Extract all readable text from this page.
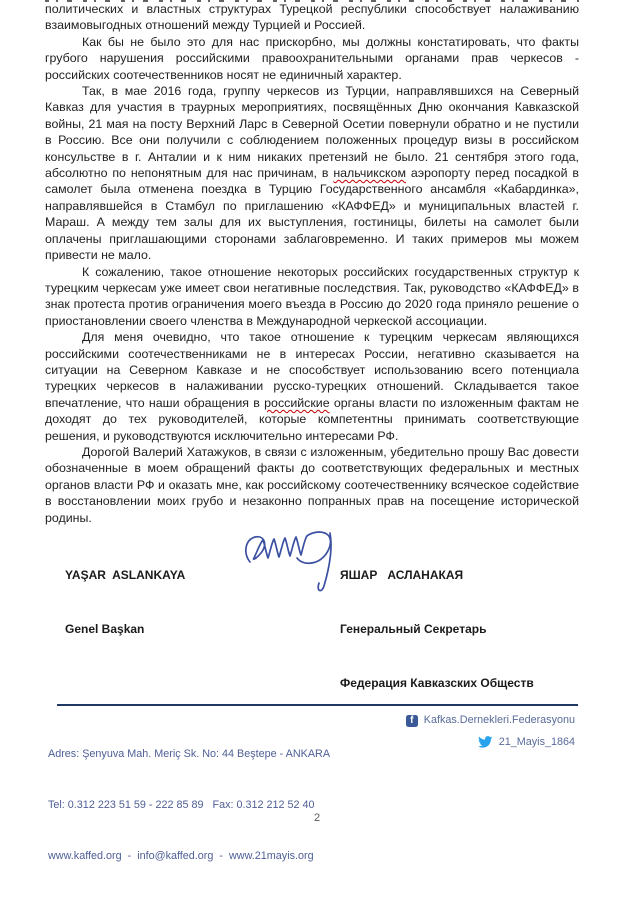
политических и властных структурах Турецкой республики способствует налаживанию взаимовыгодных отношений между Турцией и Россией.

Как бы не было это для нас прискорбно, мы должны констатировать, что факты грубого нарушения российскими правоохранительными органами прав черкесов - российских соотечественников носят не единичный характер.

Так, в мае 2016 года, группу черкесов из Турции, направлявшихся на Северный Кавказ для участия в траурных мероприятиях, посвящённых Дню окончания Кавказской войны, 21 мая на посту Верхний Ларс в Северной Осетии повернули обратно и не пустили в Россию. Все они получили с соблюдением положенных процедур визы в российском консульстве в г. Анталии и к ним никаких претензий не было. 21 сентября этого года, абсолютно по непонятным для нас причинам, в нальчикском аэропорту перед посадкой в самолет была отменена поездка в Турцию Государственного ансамбля «Кабардинка», направлявшейся в Стамбул по приглашению «КАФФЕД» и муниципальных властей г. Мараш. А между тем залы для их выступления, гостиницы, билеты на самолет были оплачены приглашающими сторонами заблаговременно. И таких примеров мы можем привести не мало.

К сожалению, такое отношение некоторых российских государственных структур к турецким черкесам уже имеет свои негативные последствия. Так, руководство «КАФФЕД» в знак протеста против ограничения моего въезда в Россию до 2020 года приняло решение о приостановлении своего членства в Международной черкеской ассоциации.

Для меня очевидно, что такое отношение к турецким черкесам являющихся российскими соотечественниками не в интересах России, негативно сказывается на ситуации на Северном Кавказе и не способствует использованию всего потенциала турецких черкесов в налаживании русско-турецких отношений. Складывается такое впечатление, что наши обращения в российские органы власти по изложенным фактам не доходят до тех руководителей, которые компетентны принимать соответствующие решения, и руководствуются исключительно интересами РФ.

Дорогой Валерий Хатажуков, в связи с изложенным, убедительно прошу Вас довести обозначенные в моем обращений факты до соответствующих федеральных и местных органов власти РФ и оказать мне, как российскому соотечественнику всяческое содействие в восстановлении моих грубо и незаконно попранных прав на посещение исторической родины.

YAŞAR  ASLANKAYA

Genel Başkan

ЯШАР   АСЛАНАКАЯ

Генеральный Секретарь

Федерация Кавказских Обществ

Adres: Şenyuva Mah. Meriç Sk. No: 44 Beştepe - ANKARA

Tel: 0.312 223 51 59 - 222 85 89   Fax: 0.312 212 52 40

www.kaffed.org  -  info@kaffed.org  -  www.21mayis.org

f Kafkas.Dernekleri.Federasyonu
21_Mayis_1864
2
